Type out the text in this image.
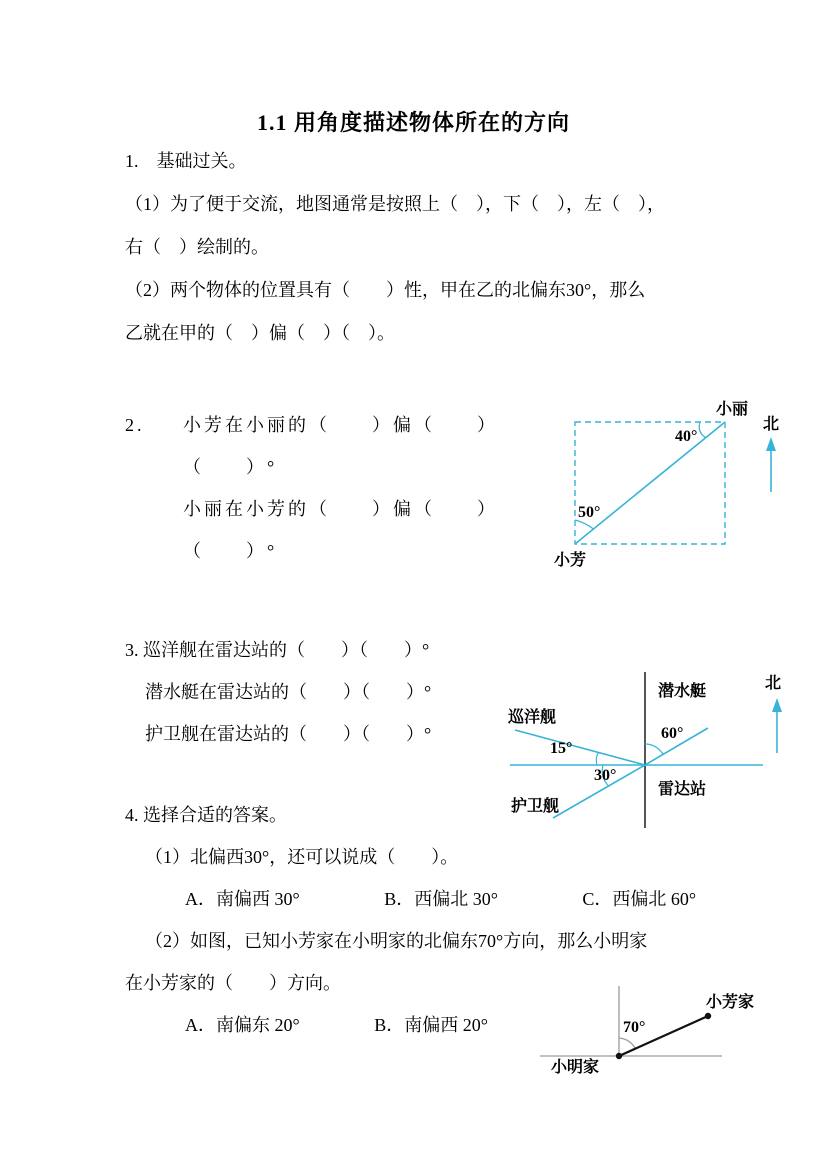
1.1 用角度描述物体所在的方向
1.　基础过关。
（1）为了便于交流，地图通常是按照上（　），下（　），左（　），
右（　）绘制的。
（2）两个物体的位置具有（　　）性，甲在乙的北偏东30°，那么
乙就在甲的（　）偏（　）（　）。
2. 小芳在小丽的（　　）偏（　　）
（　　）°
小丽在小芳的（　　）偏（　　）
（　　）°
小丽
北
40°
50°
小芳
3. 巡洋舰在雷达站的（　　）（　　）°
潜水艇在雷达站的（　　）（　　）°
护卫舰在雷达站的（　　）（　　）°
潜水艇
60°
北
巡洋舰
15°
30°
护卫舰
雷达站
4. 选择合适的答案。
（1）北偏西30°，还可以说成（　　）。
A．南偏西 30°	B．西偏北 30°	C．西偏北 60°
（2）如图，已知小芳家在小明家的北偏东70°方向，那么小明家
在小芳家的（　　）方向。
A．南偏东 20°	B．南偏西 20°	70°
小芳家
小明家
